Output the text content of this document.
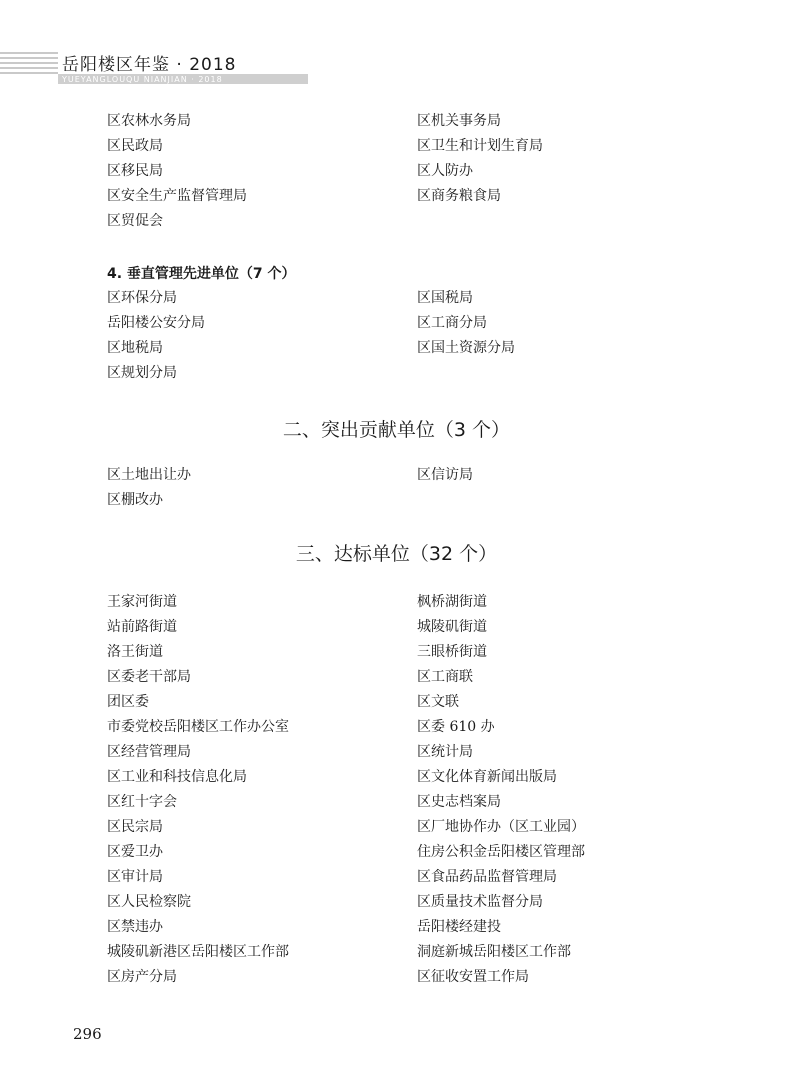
岳阳楼区年鉴 · 2018
YUEYANGLOUQU NIANJIAN · 2018
区农林水务局
区民政局
区移民局
区安全生产监督管理局
区贸促会
区机关事务局
区卫生和计划生育局
区人防办
区商务粮食局
4. 垂直管理先进单位（7 个）
区环保分局
岳阳楼公安分局
区地税局
区规划分局
区国税局
区工商分局
区国土资源分局
二、突出贡献单位（3 个）
区土地出让办
区棚改办
区信访局
三、达标单位（32 个）
王家河街道
站前路街道
洛王街道
区委老干部局
团区委
市委党校岳阳楼区工作办公室
区经营管理局
区工业和科技信息化局
区红十字会
区民宗局
区爱卫办
区审计局
区人民检察院
区禁违办
城陵矶新港区岳阳楼区工作部
区房产分局
枫桥湖街道
城陵矶街道
三眼桥街道
区工商联
区文联
区委 610 办
区统计局
区文化体育新闻出版局
区史志档案局
区厂地协作办（区工业园）
住房公积金岳阳楼区管理部
区食品药品监督管理局
区质量技术监督分局
岳阳楼经建投
洞庭新城岳阳楼区工作部
区征收安置工作局
296
